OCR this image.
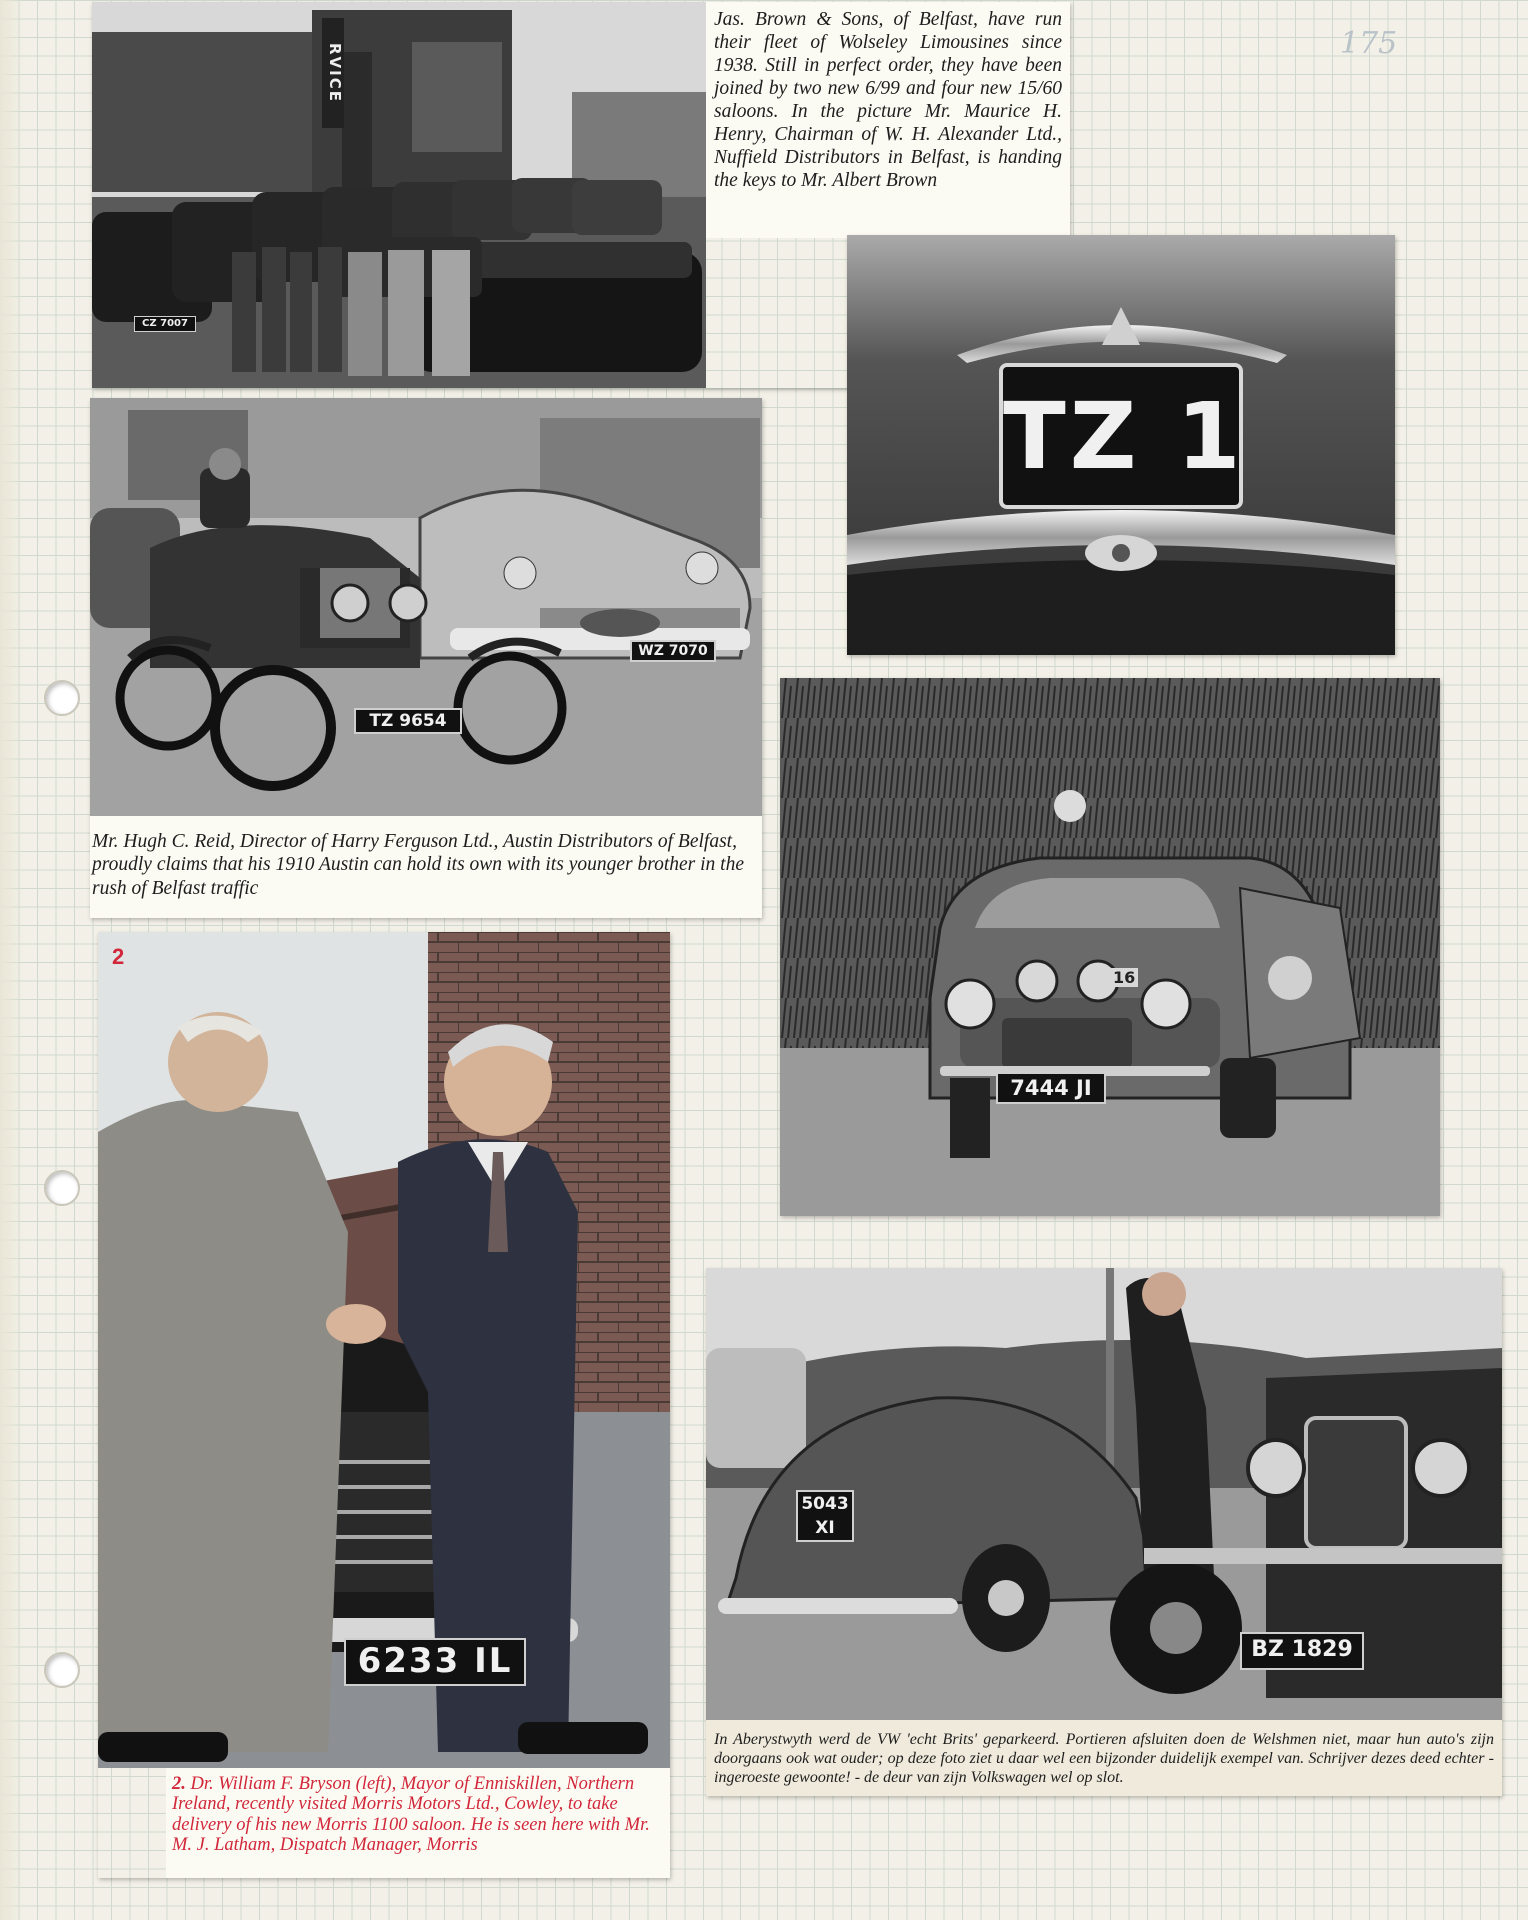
175
RVICE
CZ 7007

Jas. Brown & Sons, of Belfast, have run their fleet of Wolseley Limousines since 1938. Still in perfect order, they have been joined by two new 6/99 and four new 15/60 saloons. In the picture Mr. Maurice H. Henry, Chairman of W. H. Alexander Ltd., Nuffield Distributors in Belfast, is handing the keys to Mr. Albert Brown

TZ 1
TZ 9654
WZ 7070

Mr. Hugh C. Reid, Director of Harry Ferguson Ltd., Austin Distributors of Belfast, proudly claims that his 1910 Austin can hold its own with its younger brother in the rush of Belfast traffic

16
7444 JI
2
6233 IL

2. Dr. William F. Bryson (left), Mayor of Enniskillen, Northern Ireland, recently visited Morris Motors Ltd., Cowley, to take delivery of his new Morris 1100 saloon. He is seen here with Mr. M. J. Latham, Dispatch Manager, Morris

5043
XI
BZ 1829

In Aberystwyth werd de VW 'echt Brits' geparkeerd. Portieren afsluiten doen de Welshmen niet, maar hun auto's zijn doorgaans ook wat ouder; op deze foto ziet u daar wel een bijzonder duidelijk exempel van. Schrijver dezes deed echter - ingeroeste gewoonte! - de deur van zijn Volkswagen wel op slot.
